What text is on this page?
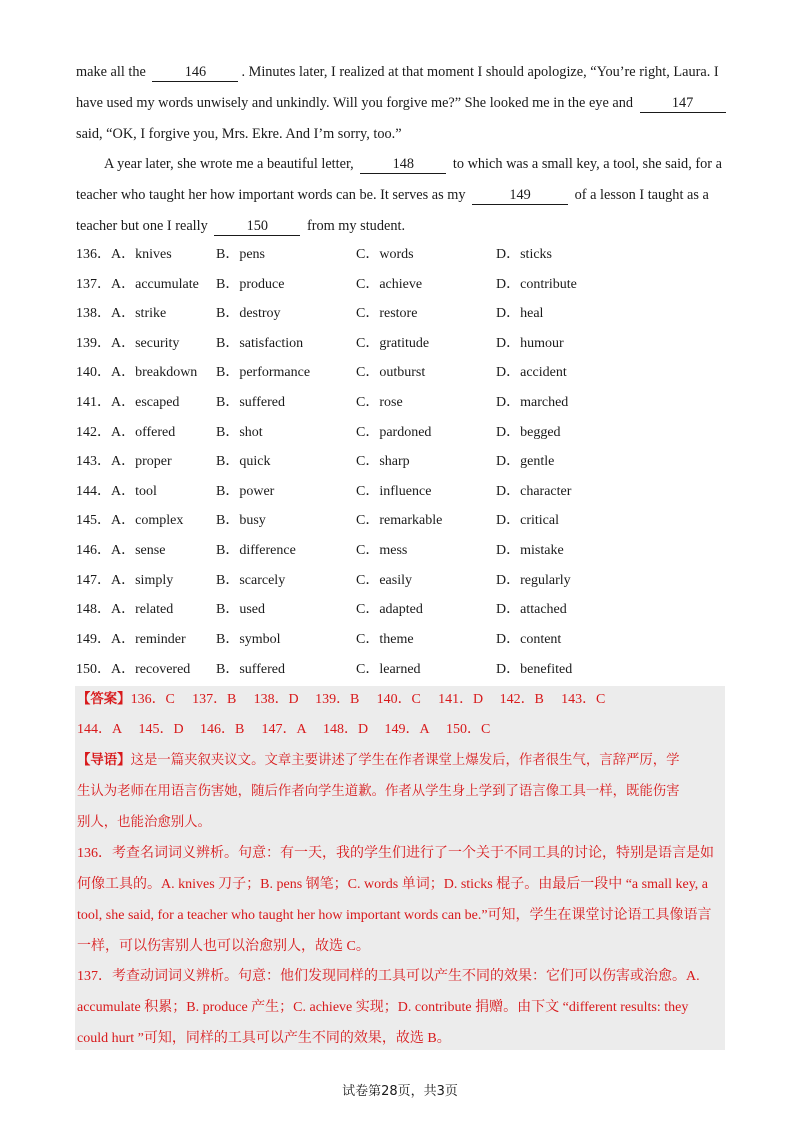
make all the	146 . Minutes later, I realized at that moment I should apologize, “You’re right, Laura. I
have used my words unwisely and unkindly. Will you forgive me?” She looked me in the eye and	147
said, “OK, I forgive you, Mrs. Ekre. And I’m sorry, too.”
A year later, she wrote me a beautiful letter,	148	to which was a small key, a tool, she said, for a
teacher who taught her how important words can be. It serves as my	149	of a lesson I taught as a
teacher but one I really	150	from my student.
136．A．knives	B．pens	C．words	D．sticks
137．A．accumulate B．produce	C．achieve	D．contribute
138．A．strike	B．destroy	C．restore	D．heal
139．A．security	B．satisfaction	C．gratitude	D．humour
140．A．breakdown B．performance	C．outburst	D．accident
141．A．escaped	B．suffered	C．rose	D．marched
142．A．offered	B．shot	C．pardoned	D．begged
143．A．proper	B．quick	C．sharp	D．gentle
144．A．tool	B．power	C．influence	D．character
145．A．complex B．busy	C．remarkable	D．critical
146．A．sense	B．difference	C．mess	D．mistake
147．A．simply	B．scarcely	C．easily	D．regularly
148．A．related	B．used	C．adapted	D．attached
149．A．reminder B．symbol	C．theme	D．content
150．A．recovered B．suffered	C．learned	D．benefited
【答案】136．C 137．B 138．D 139．B 140．C 141．D 142．B 143．C
144．A 145．D 146．B 147．A 148．D 149．A 150．C
【导语】这是一篇夹叙夹议文。文章主要讲述了学生在作者课堂上爆发后，作者很生气，言辞严厉，学
生认为老师在用语言伤害她，随后作者向学生道歉。作者从学生身上学到了语言像工具一样，既能伤害
别人，也能治愈别人。
136．考查名词词义辨析。句意：有一天，我的学生们进行了一个关于不同工具的讨论，特别是语言是如
何像工具的。A. knives 刀子；B. pens 钢笔；C. words 单词；D. sticks 棍子。由最后一段中 “a small key, a
tool, she said, for a teacher who taught her how important words can be.”可知，学生在课堂讨论语工具像语言
一样，可以伤害别人也可以治愈别人，故选 C。
137．考查动词词义辨析。句意：他们发现同样的工具可以产生不同的效果：它们可以伤害或治愈。A.
accumulate 积累；B. produce 产生；C. achieve 实现；D. contribute 捐赠。由下文 “different results: they
could hurt ”可知，同样的工具可以产生不同的效果，故选 B。
试卷第28页，共3页
